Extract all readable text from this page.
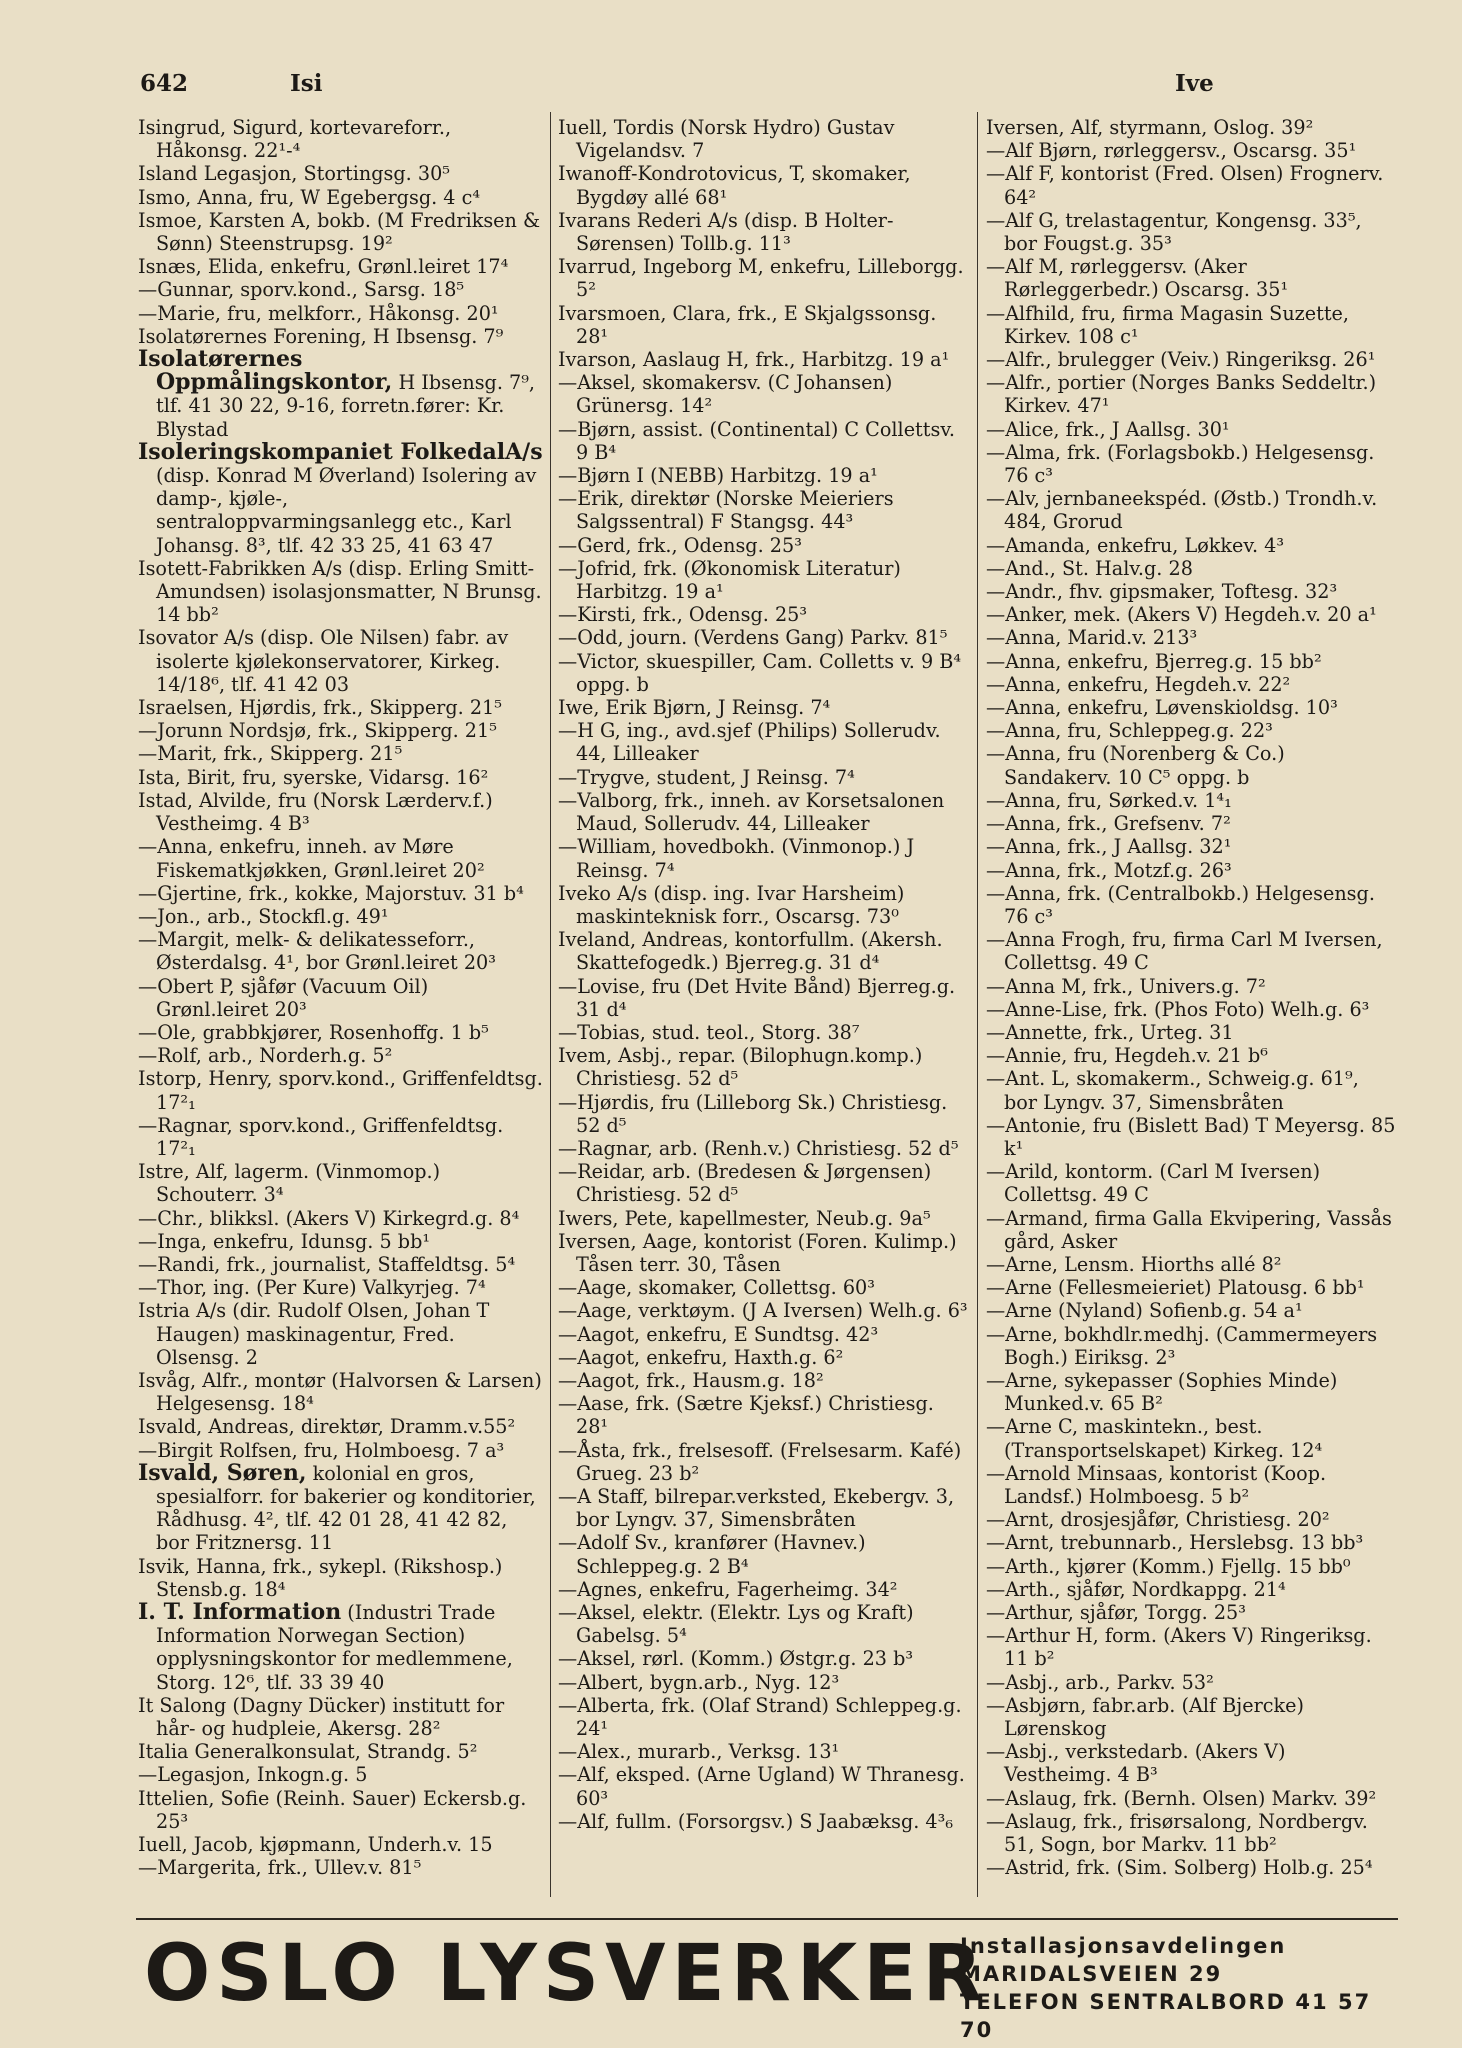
642	Isi	Ive

Isingrud, Sigurd, kortevareforr., Håkonsg. 22¹‐⁴

Island Legasjon, Stortingsg. 30⁵

Ismo, Anna, fru, W Egebergsg. 4 c⁴

Ismoe, Karsten A, bokb. (M Fredriksen & Sønn) Steenstrupsg. 19²

Isnæs, Elida, enkefru, Grønl.leiret 17⁴

—Gunnar, sporv.kond., Sarsg. 18⁵

—Marie, fru, melkforr., Håkonsg. 20¹

Isolatørernes Forening, H Ibsensg. 7⁹

Isolatørernes Oppmålingskontor, H Ibsensg. 7⁹, tlf. 41 30 22, 9‐16, forretn.fører: Kr. Blystad

Isoleringskompaniet FolkedalA/s (disp. Konrad M Øverland) Isolering av damp‐, kjøle‐, sentraloppvarmingsanlegg etc., Karl Johansg. 8³, tlf. 42 33 25, 41 63 47

Isotett‐Fabrikken A/s (disp. Erling Smitt‐Amundsen) isolasjonsmatter, N Brunsg. 14 bb²

Isovator A/s (disp. Ole Nilsen) fabr. av isolerte kjølekonservatorer, Kirkeg. 14/18⁶, tlf. 41 42 03

Israelsen, Hjørdis, frk., Skipperg. 21⁵

—Jorunn Nordsjø, frk., Skipperg. 21⁵

—Marit, frk., Skipperg. 21⁵

Ista, Birit, fru, syerske, Vidarsg. 16²

Istad, Alvilde, fru (Norsk Lærderv.f.) Vestheimg. 4 B³

—Anna, enkefru, inneh. av Møre Fiskematkjøkken, Grønl.leiret 20²

—Gjertine, frk., kokke, Majorstuv. 31 b⁴

—Jon., arb., Stockfl.g. 49¹

—Margit, melk‐ & delikatesseforr., Østerdalsg. 4¹, bor Grønl.leiret 20³

—Obert P, sjåfør (Vacuum Oil) Grønl.leiret 20³

—Ole, grabbkjører, Rosenhoffg. 1 b⁵

—Rolf, arb., Norderh.g. 5²

Istorp, Henry, sporv.kond., Griffenfeldtsg. 17²₁

—Ragnar, sporv.kond., Griffenfeldtsg. 17²₁

Istre, Alf, lagerm. (Vinmomop.) Schouterr. 3⁴

—Chr., blikksl. (Akers V) Kirkegrd.g. 8⁴

—Inga, enkefru, Idunsg. 5 bb¹

—Randi, frk., journalist, Staffeldtsg. 5⁴

—Thor, ing. (Per Kure) Valkyrjeg. 7⁴

Istria A/s (dir. Rudolf Olsen, Johan T Haugen) maskinagentur, Fred. Olsensg. 2

Isvåg, Alfr., montør (Halvorsen & Larsen) Helgesensg. 18⁴

Isvald, Andreas, direktør, Dramm.v.55²

—Birgit Rolfsen, fru, Holmboesg. 7 a³

Isvald, Søren, kolonial en gros, spesialforr. for bakerier og konditorier, Rådhusg. 4², tlf. 42 01 28, 41 42 82, bor Fritznersg. 11

Isvik, Hanna, frk., sykepl. (Rikshosp.) Stensb.g. 18⁴

I. T. Information (Industri Trade Information Norwegan Section) opplysningskontor for medlemmene, Storg. 12⁶, tlf. 33 39 40

It Salong (Dagny Dücker) institutt for hår‐ og hudpleie, Akersg. 28²

Italia Generalkonsulat, Strandg. 5²

—Legasjon, Inkogn.g. 5

Ittelien, Sofie (Reinh. Sauer) Eckersb.g. 25³

Iuell, Jacob, kjøpmann, Underh.v. 15

—Margerita, frk., Ullev.v. 81⁵

Iuell, Tordis (Norsk Hydro) Gustav Vigelandsv. 7

Iwanoff‐Kondrotovicus, T, skomaker, Bygdøy allé 68¹

Ivarans Rederi A/s (disp. B Holter‐Sørensen) Tollb.g. 11³

Ivarrud, Ingeborg M, enkefru, Lilleborgg. 5²

Ivarsmoen, Clara, frk., E Skjalgssonsg. 28¹

Ivarson, Aaslaug H, frk., Harbitzg. 19 a¹

—Aksel, skomakersv. (C Johansen) Grünersg. 14²

—Bjørn, assist. (Continental) C Collettsv. 9 B⁴

—Bjørn I (NEBB) Harbitzg. 19 a¹

—Erik, direktør (Norske Meieriers Salgssentral) F Stangsg. 44³

—Gerd, frk., Odensg. 25³

—Jofrid, frk. (Økonomisk Literatur) Harbitzg. 19 a¹

—Kirsti, frk., Odensg. 25³

—Odd, journ. (Verdens Gang) Parkv. 81⁵

—Victor, skuespiller, Cam. Colletts v. 9 B⁴ oppg. b

Iwe, Erik Bjørn, J Reinsg. 7⁴

—H G, ing., avd.sjef (Philips) Sollerudv. 44, Lilleaker

—Trygve, student, J Reinsg. 7⁴

—Valborg, frk., inneh. av Korsetsalonen Maud, Sollerudv. 44, Lilleaker

—William, hovedbokh. (Vinmonop.) J Reinsg. 7⁴

Iveko A/s (disp. ing. Ivar Harsheim) maskinteknisk forr., Oscarsg. 73⁰

Iveland, Andreas, kontorfullm. (Akersh. Skattefogedk.) Bjerreg.g. 31 d⁴

—Lovise, fru (Det Hvite Bånd) Bjerreg.g. 31 d⁴

—Tobias, stud. teol., Storg. 38⁷

Ivem, Asbj., repar. (Bilophugn.komp.) Christiesg. 52 d⁵

—Hjørdis, fru (Lilleborg Sk.) Christiesg. 52 d⁵

—Ragnar, arb. (Renh.v.) Christiesg. 52 d⁵

—Reidar, arb. (Bredesen & Jørgensen) Christiesg. 52 d⁵

Iwers, Pete, kapellmester, Neub.g. 9a⁵

Iversen, Aage, kontorist (Foren. Kulimp.) Tåsen terr. 30, Tåsen

—Aage, skomaker, Collettsg. 60³

—Aage, verktøym. (J A Iversen) Welh.g. 6³

—Aagot, enkefru, E Sundtsg. 42³

—Aagot, enkefru, Haxth.g. 6²

—Aagot, frk., Hausm.g. 18²

—Aase, frk. (Sætre Kjeksf.) Christiesg. 28¹

—Åsta, frk., frelsesoff. (Frelsesarm. Kafé) Grueg. 23 b²

—A Staff, bilrepar.verksted, Ekebergv. 3, bor Lyngv. 37, Simensbråten

—Adolf Sv., kranfører (Havnev.) Schleppeg.g. 2 B⁴

—Agnes, enkefru, Fagerheimg. 34²

—Aksel, elektr. (Elektr. Lys og Kraft) Gabelsg. 5⁴

—Aksel, rørl. (Komm.) Østgr.g. 23 b³

—Albert, bygn.arb., Nyg. 12³

—Alberta, frk. (Olaf Strand) Schleppeg.g. 24¹

—Alex., murarb., Verksg. 13¹

—Alf, eksped. (Arne Ugland) W Thranesg. 60³

—Alf, fullm. (Forsorgsv.) S Jaabæksg. 4³₆

Iversen, Alf, styrmann, Oslog. 39²

—Alf Bjørn, rørleggersv., Oscarsg. 35¹

—Alf F, kontorist (Fred. Olsen) Frognerv. 64²

—Alf G, trelastagentur, Kongensg. 33⁵, bor Fougst.g. 35³

—Alf M, rørleggersv. (Aker Rørleggerbedr.) Oscarsg. 35¹

—Alfhild, fru, firma Magasin Suzette, Kirkev. 108 c¹

—Alfr., brulegger (Veiv.) Ringeriksg. 26¹

—Alfr., portier (Norges Banks Seddeltr.) Kirkev. 47¹

—Alice, frk., J Aallsg. 30¹

—Alma, frk. (Forlagsbokb.) Helgesensg. 76 c³

—Alv, jernbaneekspéd. (Østb.) Trondh.v. 484, Grorud

—Amanda, enkefru, Løkkev. 4³

—And., St. Halv.g. 28

—Andr., fhv. gipsmaker, Toftesg. 32³

—Anker, mek. (Akers V) Hegdeh.v. 20 a¹

—Anna, Marid.v. 213³

—Anna, enkefru, Bjerreg.g. 15 bb²

—Anna, enkefru, Hegdeh.v. 22²

—Anna, enkefru, Løvenskioldsg. 10³

—Anna, fru, Schleppeg.g. 22³

—Anna, fru (Norenberg & Co.) Sandakerv. 10 C⁵ oppg. b

—Anna, fru, Sørked.v. 1⁴₁

—Anna, frk., Grefsenv. 7²

—Anna, frk., J Aallsg. 32¹

—Anna, frk., Motzf.g. 26³

—Anna, frk. (Centralbokb.) Helgesensg. 76 c³

—Anna Frogh, fru, firma Carl M Iversen, Collettsg. 49 C

—Anna M, frk., Univers.g. 7²

—Anne‐Lise, frk. (Phos Foto) Welh.g. 6³

—Annette, frk., Urteg. 31

—Annie, fru, Hegdeh.v. 21 b⁶

—Ant. L, skomakerm., Schweig.g. 61⁹, bor Lyngv. 37, Simensbråten

—Antonie, fru (Bislett Bad) T Meyersg. 85 k¹

—Arild, kontorm. (Carl M Iversen) Collettsg. 49 C

—Armand, firma Galla Ekvipering, Vassås gård, Asker

—Arne, Lensm. Hiorths allé 8²

—Arne (Fellesmeieriet) Platousg. 6 bb¹

—Arne (Nyland) Sofienb.g. 54 a¹

—Arne, bokhdlr.medhj. (Cammermeyers Bogh.) Eiriksg. 2³

—Arne, sykepasser (Sophies Minde) Munked.v. 65 B²

—Arne C, maskintekn., best. (Transportselskapet) Kirkeg. 12⁴

—Arnold Minsaas, kontorist (Koop. Landsf.) Holmboesg. 5 b²

—Arnt, drosjesjåfør, Christiesg. 20²

—Arnt, trebunnarb., Herslebsg. 13 bb³

—Arth., kjører (Komm.) Fjellg. 15 bb⁰

—Arth., sjåfør, Nordkappg. 21⁴

—Arthur, sjåfør, Torgg. 25³

—Arthur H, form. (Akers V) Ringeriksg. 11 b²

—Asbj., arb., Parkv. 53²

—Asbjørn, fabr.arb. (Alf Bjercke) Lørenskog

—Asbj., verkstedarb. (Akers V) Vestheimg. 4 B³

—Aslaug, frk. (Bernh. Olsen) Markv. 39²

—Aslaug, frk., frisørsalong, Nordbergv. 51, Sogn, bor Markv. 11 bb²

—Astrid, frk. (Sim. Solberg) Holb.g. 25⁴

OSLO LYSVERKER
Installasjonsavdelingen
MARIDALSVEIEN 29
TELEFON SENTRALBORD 41 57 70
